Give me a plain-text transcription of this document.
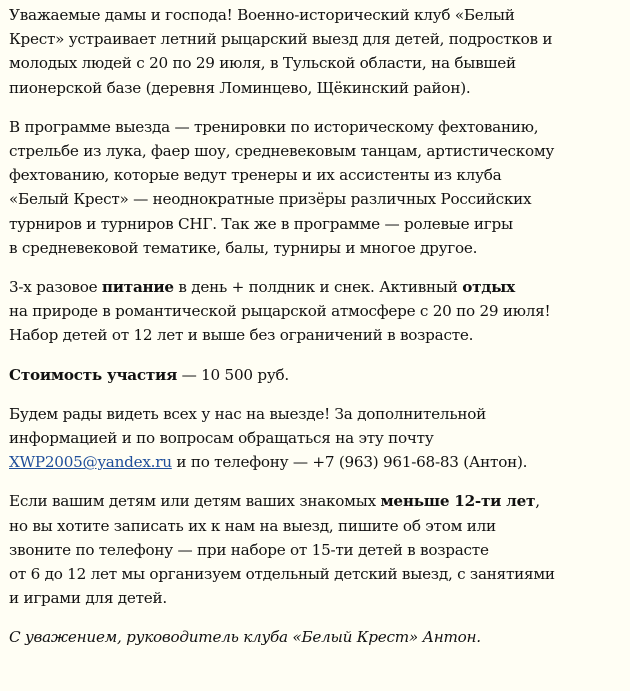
Уважаемые дамы и господа! Военно-исторический клуб «Белый
Крест» устраивает летний рыцарский выезд для детей, подростков и
молодых людей с 20 по 29 июля, в Тульской области, на бывшей
пионерской базе (деревня Ломинцево, Щёкинский район).

В программе выезда — тренировки по историческому фехтованию,
стрельбе из лука, фаер шоу, средневековым танцам, артистическому
фехтованию, которые ведут тренеры и их ассистенты из клуба
«Белый Крест» — неоднократные призёры различных Российских
турниров и турниров СНГ. Так же в программе — ролевые игры
в средневековой тематике, балы, турниры и многое другое.

3-х разовое питание в день + полдник и снек. Активный отдых
на природе в романтической рыцарской атмосфере с 20 по 29 июля!
Набор детей от 12 лет и выше без ограничений в возрасте.

Стоимость участия — 10 500 руб.

Будем рады видеть всех у нас на выезде! За дополнительной
информацией и по вопросам обращаться на эту почту
XWP2005@yandex.ru и по телефону — +7 (963) 961-68-83 (Антон).

Если вашим детям или детям ваших знакомых меньше 12-ти лет,
но вы хотите записать их к нам на выезд, пишите об этом или
звоните по телефону — при наборе от 15-ти детей в возрасте
от 6 до 12 лет мы организуем отдельный детский выезд, с занятиями
и играми для детей.

С уважением, руководитель клуба «Белый Крест» Антон.
